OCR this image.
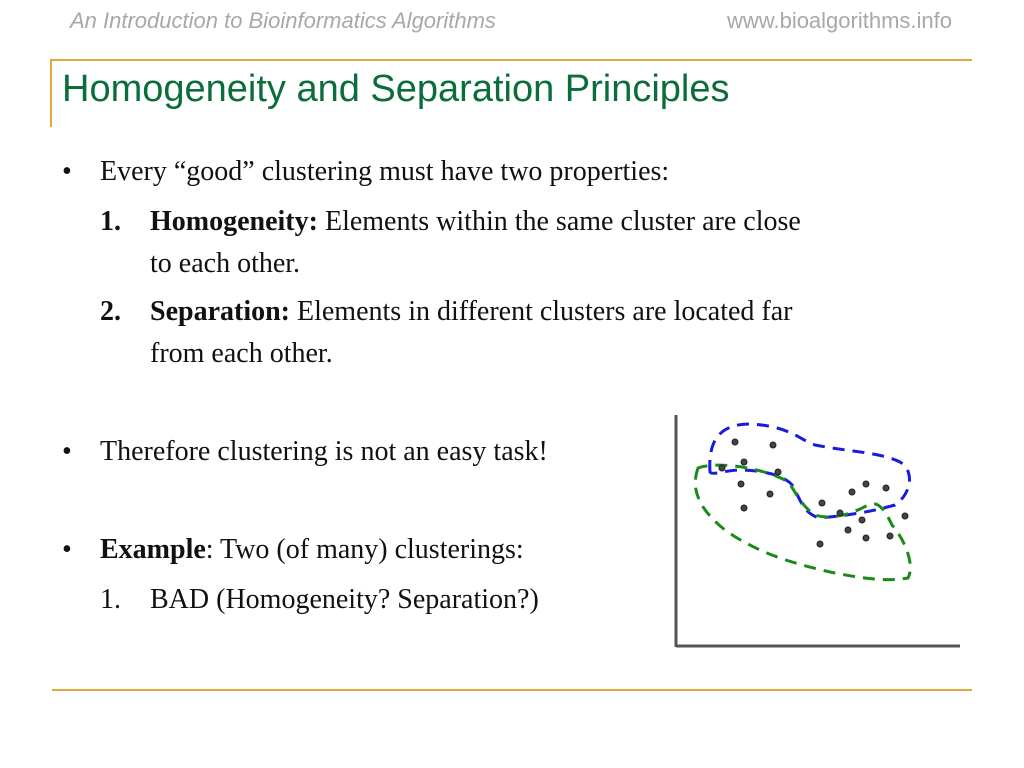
An Introduction to Bioinformatics Algorithms	www.bioalgorithms.info
Homogeneity and Separation Principles
• Every “good” clustering must have two properties:
1. Homogeneity: Elements within the same cluster are close
to each other.
2. Separation: Elements in different clusters are located far
from each other.
• Therefore clustering is not an easy task!
• Example: Two (of many) clusterings:
1. BAD (Homogeneity? Separation?)
